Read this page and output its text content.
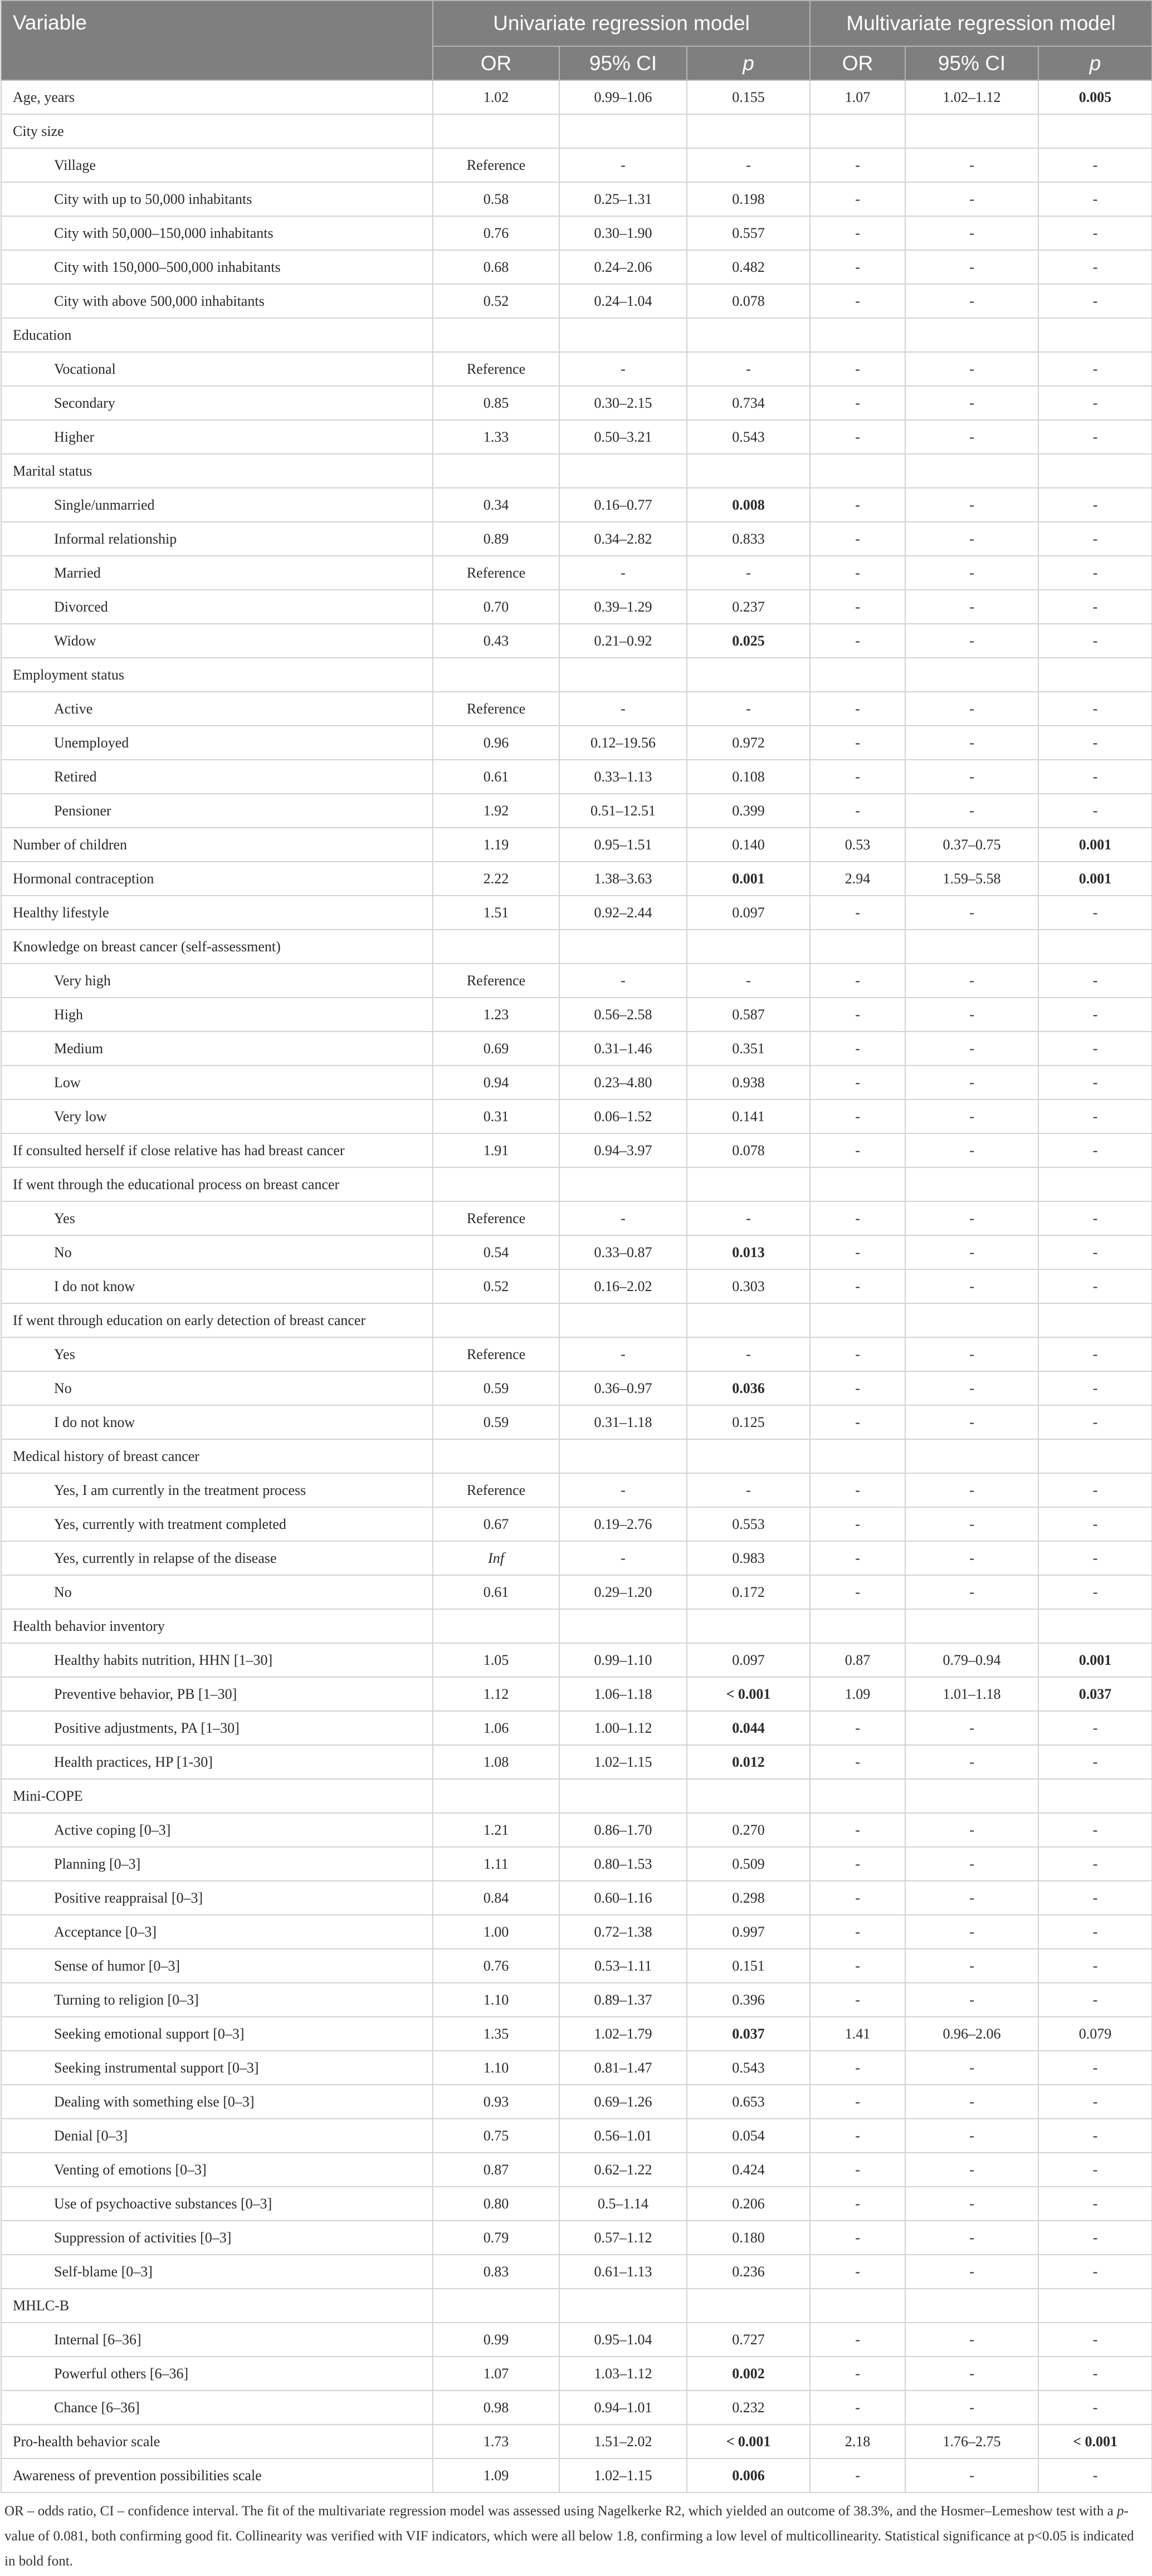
Variable	Univariate regression model			Multivariate regression model		
	OR	95% CI	p	OR	95% CI	p
Age, years	1.02	0.99–1.06	0.155	1.07	1.02–1.12	0.005
City size						
Village	Reference	-	-	-	-	-
City with up to 50,000 inhabitants	0.58	0.25–1.31	0.198	-	-	-
City with 50,000–150,000 inhabitants	0.76	0.30–1.90	0.557	-	-	-
City with 150,000–500,000 inhabitants	0.68	0.24–2.06	0.482	-	-	-
City with above 500,000 inhabitants	0.52	0.24–1.04	0.078	-	-	-
Education						
Vocational	Reference	-	-	-	-	-
Secondary	0.85	0.30–2.15	0.734	-	-	-
Higher	1.33	0.50–3.21	0.543	-	-	-
Marital status						
Single/unmarried	0.34	0.16–0.77	0.008	-	-	-
Informal relationship	0.89	0.34–2.82	0.833	-	-	-
Married	Reference	-	-	-	-	-
Divorced	0.70	0.39–1.29	0.237	-	-	-
Widow	0.43	0.21–0.92	0.025	-	-	-
Employment status						
Active	Reference	-	-	-	-	-
Unemployed	0.96	0.12–19.56	0.972	-	-	-
Retired	0.61	0.33–1.13	0.108	-	-	-
Pensioner	1.92	0.51–12.51	0.399	-	-	-
Number of children	1.19	0.95–1.51	0.140	0.53	0.37–0.75	0.001
Hormonal contraception	2.22	1.38–3.63	0.001	2.94	1.59–5.58	0.001
Healthy lifestyle	1.51	0.92–2.44	0.097	-	-	-
Knowledge on breast cancer (self-assessment)						
Very high	Reference	-	-	-	-	-
High	1.23	0.56–2.58	0.587	-	-	-
Medium	0.69	0.31–1.46	0.351	-	-	-
Low	0.94	0.23–4.80	0.938	-	-	-
Very low	0.31	0.06–1.52	0.141	-	-	-
If consulted herself if close relative has had breast cancer	1.91	0.94–3.97	0.078	-	-	-
If went through the educational process on breast cancer						
Yes	Reference	-	-	-	-	-
No	0.54	0.33–0.87	0.013	-	-	-
I do not know	0.52	0.16–2.02	0.303	-	-	-
If went through education on early detection of breast cancer						
Yes	Reference	-	-	-	-	-
No	0.59	0.36–0.97	0.036	-	-	-
I do not know	0.59	0.31–1.18	0.125	-	-	-
Medical history of breast cancer						
Yes, I am currently in the treatment process	Reference	-	-	-	-	-
Yes, currently with treatment completed	0.67	0.19–2.76	0.553	-	-	-
Yes, currently in relapse of the disease	Inf	-	0.983	-	-	-
No	0.61	0.29–1.20	0.172	-	-	-
Health behavior inventory						
Healthy habits nutrition, HHN [1–30]	1.05	0.99–1.10	0.097	0.87	0.79–0.94	0.001
Preventive behavior, PB [1–30]	1.12	1.06–1.18	< 0.001	1.09	1.01–1.18	0.037
Positive adjustments, PA [1–30]	1.06	1.00–1.12	0.044	-	-	-
Health practices, HP [1-30]	1.08	1.02–1.15	0.012	-	-	-
Mini-COPE						
Active coping [0–3]	1.21	0.86–1.70	0.270	-	-	-
Planning [0–3]	1.11	0.80–1.53	0.509	-	-	-
Positive reappraisal [0–3]	0.84	0.60–1.16	0.298	-	-	-
Acceptance [0–3]	1.00	0.72–1.38	0.997	-	-	-
Sense of humor [0–3]	0.76	0.53–1.11	0.151	-	-	-
Turning to religion [0–3]	1.10	0.89–1.37	0.396	-	-	-
Seeking emotional support [0–3]	1.35	1.02–1.79	0.037	1.41	0.96–2.06	0.079
Seeking instrumental support [0–3]	1.10	0.81–1.47	0.543	-	-	-
Dealing with something else [0–3]	0.93	0.69–1.26	0.653	-	-	-
Denial [0–3]	0.75	0.56–1.01	0.054	-	-	-
Venting of emotions [0–3]	0.87	0.62–1.22	0.424	-	-	-
Use of psychoactive substances [0–3]	0.80	0.5–1.14	0.206	-	-	-
Suppression of activities [0–3]	0.79	0.57–1.12	0.180	-	-	-
Self-blame [0–3]	0.83	0.61–1.13	0.236	-	-	-
MHLC-B						
Internal [6–36]	0.99	0.95–1.04	0.727	-	-	-
Powerful others [6–36]	1.07	1.03–1.12	0.002	-	-	-
Chance [6–36]	0.98	0.94–1.01	0.232	-	-	-
Pro-health behavior scale	1.73	1.51–2.02	< 0.001	2.18	1.76–2.75	< 0.001
Awareness of prevention possibilities scale	1.09	1.02–1.15	0.006	-	-	-
OR – odds ratio, CI – confidence interval. The fit of the multivariate regression model was assessed using Nagelkerke R2, which yielded an outcome of 38.3%, and the Hosmer–Lemeshow test with a p-value of 0.081, both confirming good fit. Collinearity was verified with VIF indicators, which were all below 1.8, confirming a low level of multicollinearity. Statistical significance at p<0.05 is indicated in bold font.
